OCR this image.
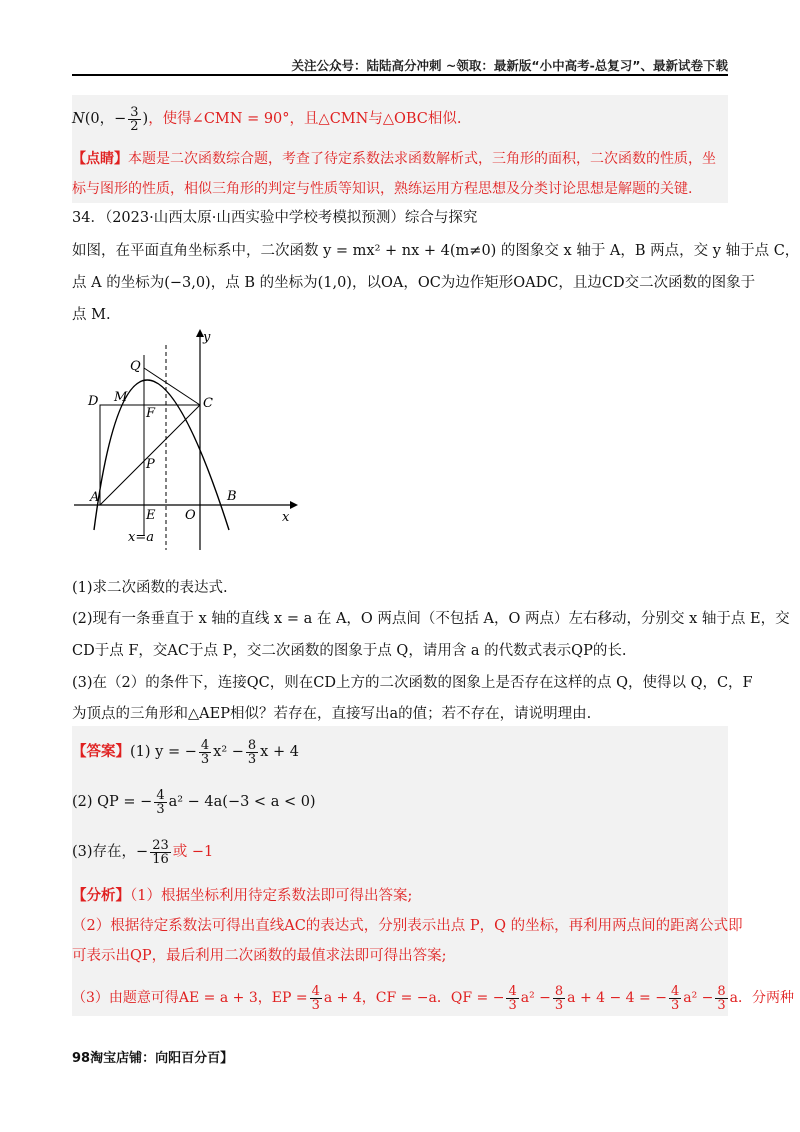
关注公众号：陆陆高分冲刺 ~领取：最新版“小中高考-总复习”、最新试卷下载
N(0，− $\frac{3}{2}$ )，使得∠CMN = 90°，且△CMN与△OBC相似.
【点睛】本题是二次函数综合题，考查了待定系数法求函数解析式，三角形的面积，二次函数的性质，坐
标与图形的性质，相似三角形的判定与性质等知识，熟练运用方程思想及分类讨论思想是解题的关键.
34．（2023·山西太原·山西实验中学校考模拟预测）综合与探究
如图，在平面直角坐标系中，二次函数 y = mx² + nx + 4(m≠0) 的图象交 x 轴于 A，B 两点，交 y 轴于点 C，
点 A 的坐标为(−3,0)，点 B 的坐标为(1,0)，以OA，OC为边作矩形OADC，且边CD交二次函数的图象于
点 M.
y
x
Q
D M	C
F
P
A	B
E O
x=a
(1)求二次函数的表达式.
(2)现有一条垂直于 x 轴的直线 x = a 在 A，O 两点间（不包括 A，O 两点）左右移动，分别交 x 轴于点 E，交
CD于点 F，交AC于点 P，交二次函数的图象于点 Q，请用含 a 的代数式表示QP的长.
(3)在（2）的条件下，连接QC，则在CD上方的二次函数的图象上是否存在这样的点 Q，使得以 Q，C，F
为顶点的三角形和△AEP相似？若存在，直接写出a的值；若不存在，请说明理由.
【答案】(1) y = − $\frac{4}{3} x^2 - \frac{8}{3}$ x + 4
(2) QP = − $\frac{4}{3} a^2 - 4a(-3 < a < 0)$
(3)存在，− $\frac{23}{16}$ 或 −1
【分析】（1）根据坐标利用待定系数法即可得出答案;
（2）根据待定系数法可得出直线AC的表达式，分别表示出点 P，Q 的坐标，再利用两点间的距离公式即
可表示出QP，最后利用二次函数的最值求法即可得出答案;
（3）由题意可得AE = a + 3，EP = $\frac{4}{3}$ a + 4，CF = −a．QF = − $\frac{4}{3} a^2 - \frac{8}{3}$ a + 4 − 4 = − $\frac{4}{3} a^2 - \frac{8}{3}$ a．分两种
98淘宝店铺：向阳百分百】
